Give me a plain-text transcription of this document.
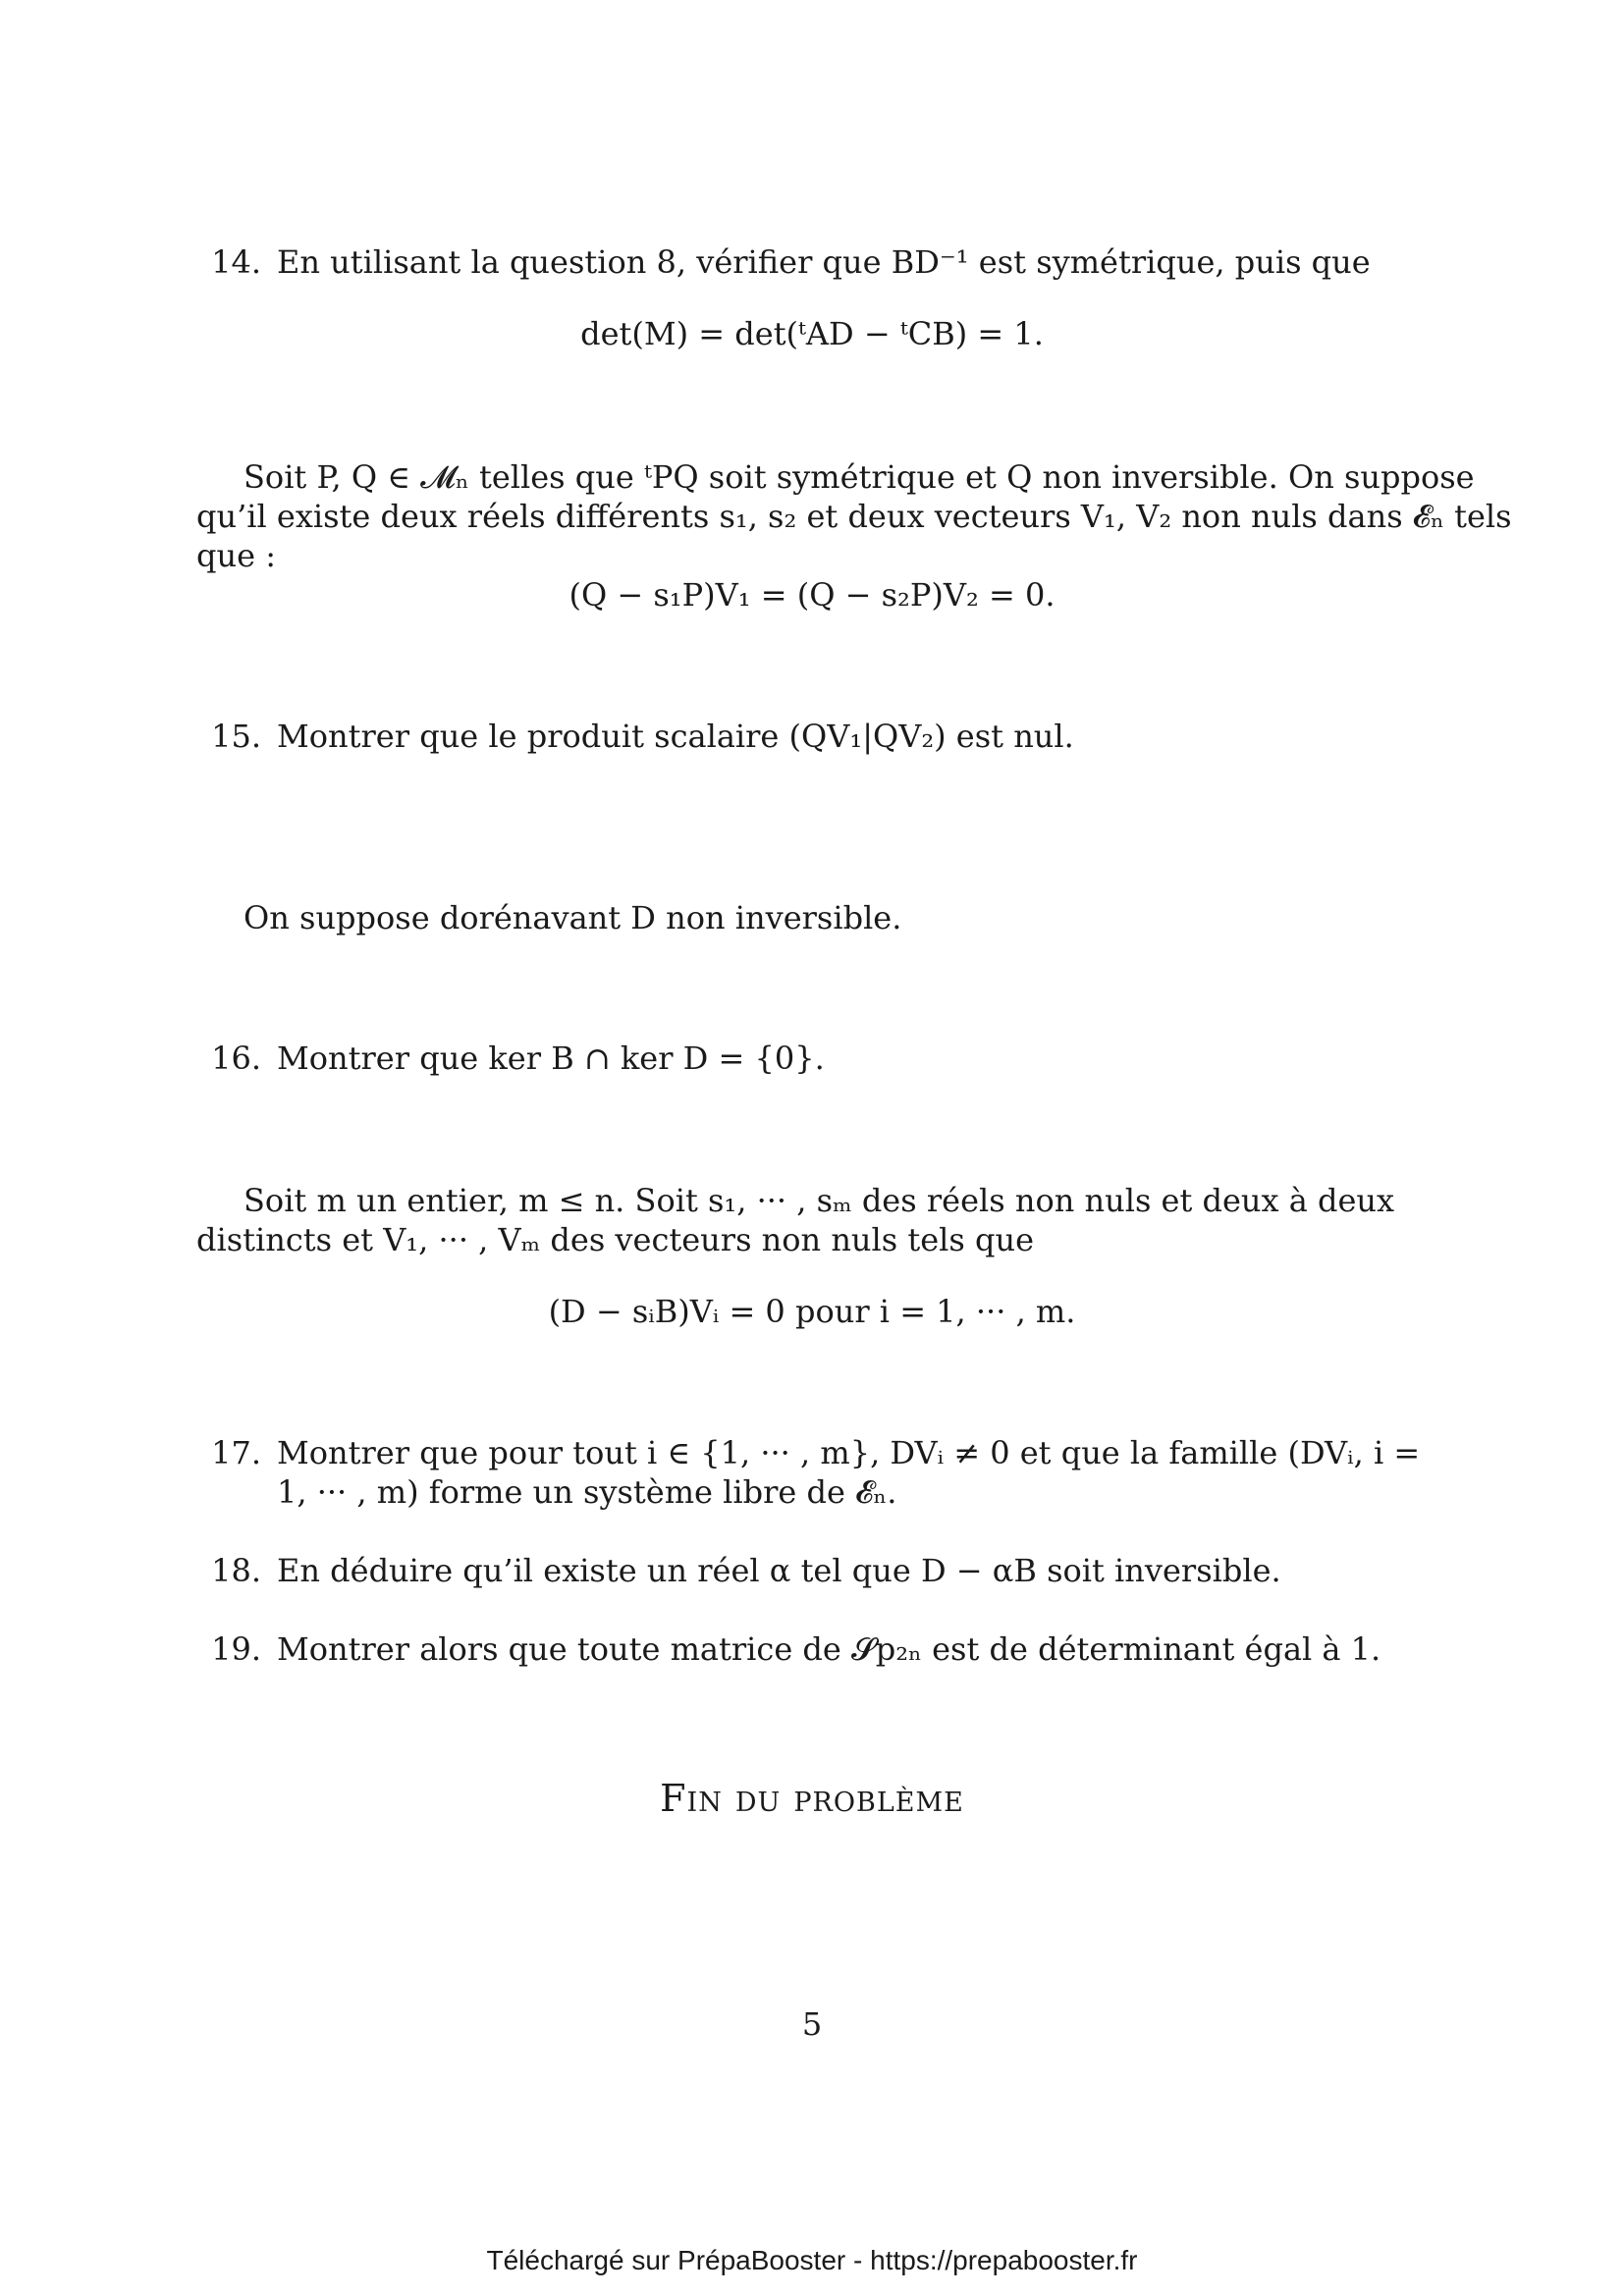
14. En utilisant la question 8, vérifier que BD⁻¹ est symétrique, puis que
det(M) = det(ᵗAD − ᵗCB) = 1.
Soit P, Q ∈ 𝓜ₙ telles que ᵗPQ soit symétrique et Q non inversible. On suppose
qu’il existe deux réels différents s₁, s₂ et deux vecteurs V₁, V₂ non nuls dans 𝓔ₙ tels
que :
(Q − s₁P)V₁ = (Q − s₂P)V₂ = 0.
15. Montrer que le produit scalaire (QV₁|QV₂) est nul.
On suppose dorénavant D non inversible.
16. Montrer que ker B ∩ ker D = {0}.
Soit m un entier, m ≤ n. Soit s₁, ··· , sₘ des réels non nuls et deux à deux
distincts et V₁, ··· , Vₘ des vecteurs non nuls tels que
(D − sᵢB)Vᵢ = 0 pour i = 1, ··· , m.
17. Montrer que pour tout i ∈ {1, ··· , m}, DVᵢ ≠ 0 et que la famille (DVᵢ, i =
1, ··· , m) forme un système libre de 𝓔ₙ.
18. En déduire qu’il existe un réel α tel que D − αB soit inversible.
19. Montrer alors que toute matrice de 𝓢p₂ₙ est de déterminant égal à 1.
Fin du problème
5
Téléchargé sur PrépaBooster - https://prepabooster.fr
